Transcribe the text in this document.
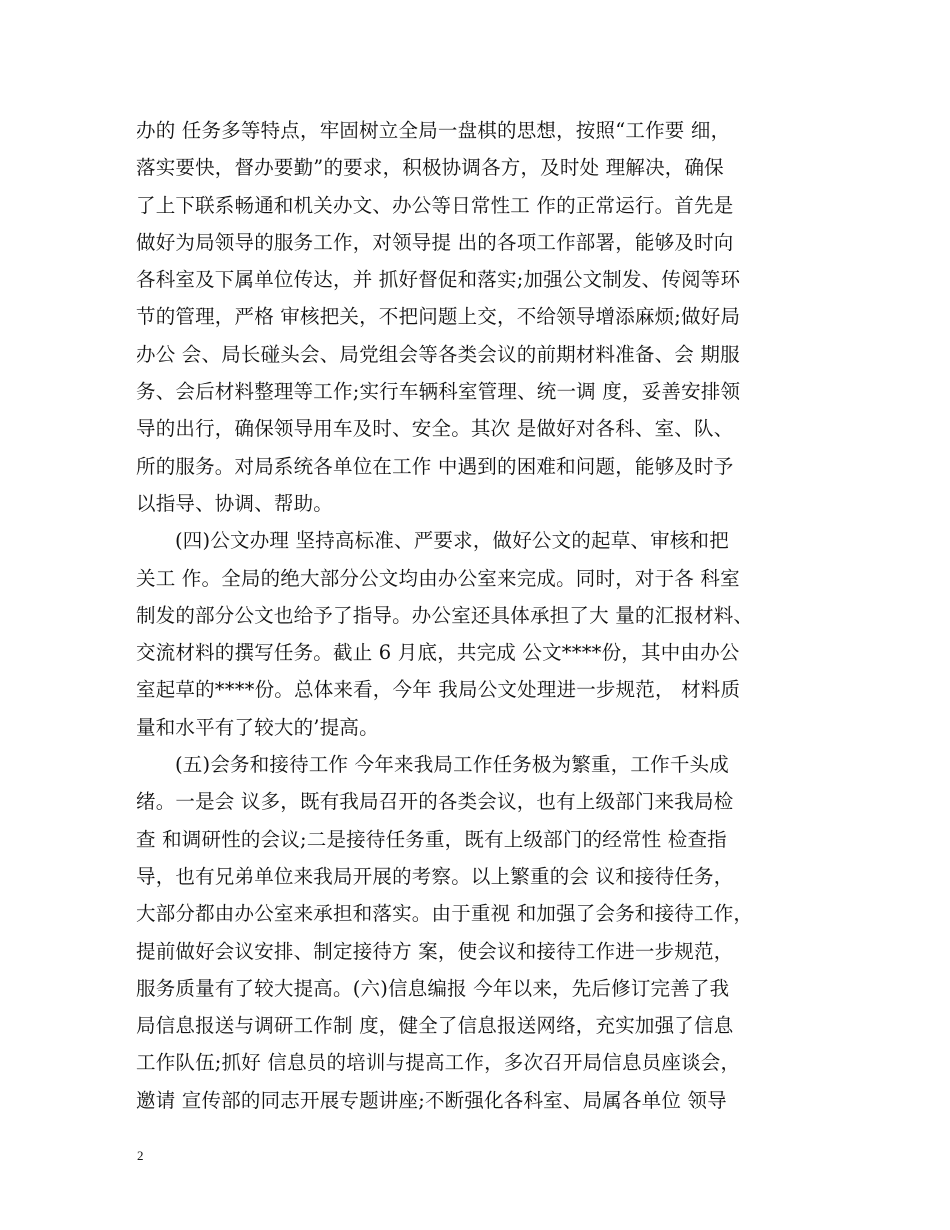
办的 任务多等特点，牢固树立全局一盘棋的思想，按照“工作要 细，
落实要快，督办要勤”的要求，积极协调各方，及时处 理解决，确保
了上下联系畅通和机关办文、办公等日常性工 作的正常运行。首先是
做好为局领导的服务工作，对领导提 出的各项工作部署，能够及时向
各科室及下属单位传达，并 抓好督促和落实;加强公文制发、传阅等环
节的管理，严格 审核把关，不把问题上交，不给领导增添麻烦;做好局
办公 会、局长碰头会、局党组会等各类会议的前期材料准备、会 期服
务、会后材料整理等工作;实行车辆科室管理、统一调 度，妥善安排领
导的出行，确保领导用车及时、安全。其次 是做好对各科、室、队、
所的服务。对局系统各单位在工作 中遇到的困难和问题，能够及时予
以指导、协调、帮助。
(四)公文办理 坚持高标准、严要求，做好公文的起草、审核和把
关工 作。全局的绝大部分公文均由办公室来完成。同时，对于各 科室
制发的部分公文也给予了指导。办公室还具体承担了大 量的汇报材料、
交流材料的撰写任务。截止 6 月底，共完成 公文****份，其中由办公
室起草的****份。总体来看，今年 我局公文处理进一步规范， 材料质
量和水平有了较大的’提高。
(五)会务和接待工作 今年来我局工作任务极为繁重，工作千头成
绪。一是会 议多，既有我局召开的各类会议，也有上级部门来我局检
查 和调研性的会议;二是接待任务重，既有上级部门的经常性 检查指
导，也有兄弟单位来我局开展的考察。以上繁重的会 议和接待任务，
大部分都由办公室来承担和落实。由于重视 和加强了会务和接待工作，
提前做好会议安排、制定接待方 案，使会议和接待工作进一步规范，
服务质量有了较大提高。(六)信息编报 今年以来，先后修订完善了我
局信息报送与调研工作制 度，健全了信息报送网络，充实加强了信息
工作队伍;抓好 信息员的培训与提高工作，多次召开局信息员座谈会，
邀请 宣传部的同志开展专题讲座;不断强化各科室、局属各单位 领导
2
